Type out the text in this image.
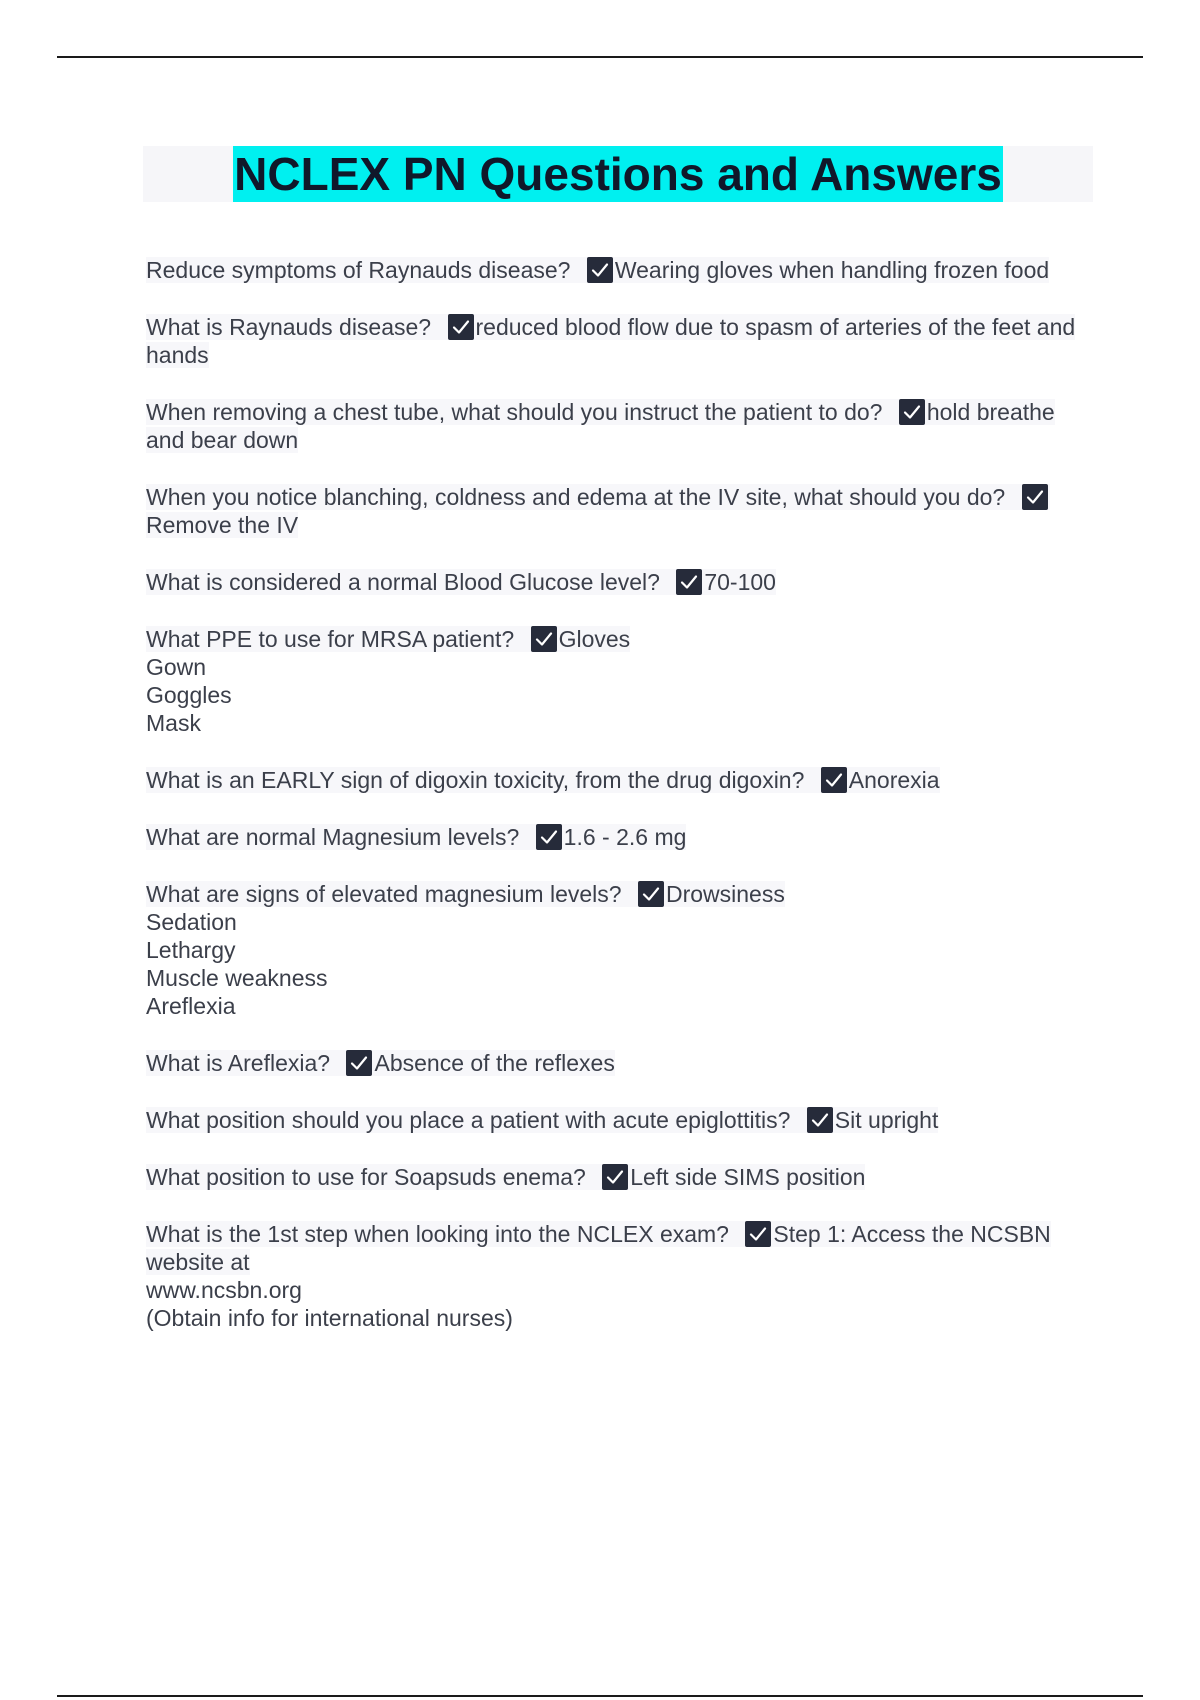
NCLEX PN Questions and Answers
Reduce symptoms of Raynauds disease? Wearing gloves when handling frozen food
What is Raynauds disease? reduced blood flow due to spasm of arteries of the feet and hands
When removing a chest tube, what should you instruct the patient to do? hold breathe and bear down
When you notice blanching, coldness and edema at the IV site, what should you do?
Remove the IV
What is considered a normal Blood Glucose level? 70-100
What PPE to use for MRSA patient? Gloves
Gown
Goggles
Mask
What is an EARLY sign of digoxin toxicity, from the drug digoxin? Anorexia
What are normal Magnesium levels? 1.6 - 2.6 mg
What are signs of elevated magnesium levels? Drowsiness
Sedation
Lethargy
Muscle weakness
Areflexia
What is Areflexia? Absence of the reflexes
What position should you place a patient with acute epiglottitis? Sit upright
What position to use for Soapsuds enema? Left side SIMS position
What is the 1st step when looking into the NCLEX exam? Step 1: Access the NCSBN website at
www.ncsbn.org
(Obtain info for international nurses)
